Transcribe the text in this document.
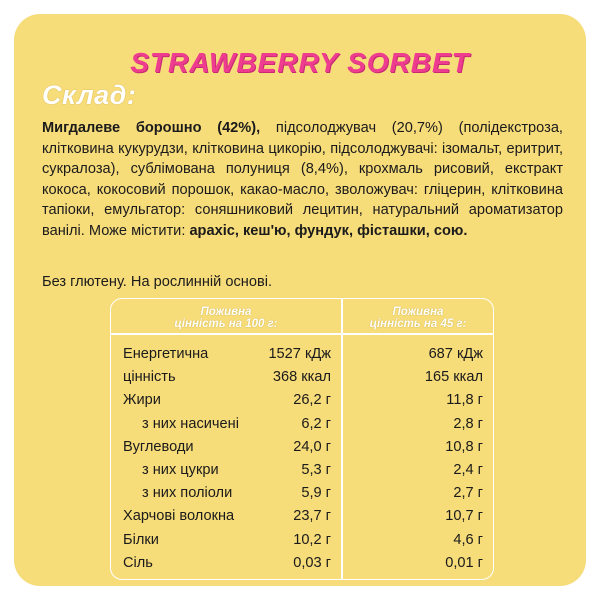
STRAWBERRY SORBET
Склад:
Мигдалеве борошно (42%), підсолоджувач (20,7%) (полідекстроза, клітковина кукурудзи, клітковина цикорію, підсолоджувачі: ізомальт, еритрит, сукралоза), сублімована полуниця (8,4%), крохмаль рисовий, екстракт кокоса, кокосовий порошок, какао-масло, зволожувач: гліцерин, клітковина тапіоки, емульгатор: соняшниковий лецитин, натуральний ароматизатор ванілі. Може містити: арахіс, кеш'ю, фундук, фісташки, сою.
Без глютену. На рослинній основі.
Поживна
цінність на 100 г:
Поживна
цінність на 45 г:
Енергетична	1527 кДж	687 кДж
цінність	368 ккал	165 ккал
Жири	26,2 г	11,8 г
з них насичені	6,2 г	2,8 г
Вуглеводи	24,0 г	10,8 г
з них цукри	5,3 г	2,4 г
з них поліоли	5,9 г	2,7 г
Харчові волокна	23,7 г	10,7 г
Білки	10,2 г	4,6 г
Сіль	0,03 г	0,01 г
